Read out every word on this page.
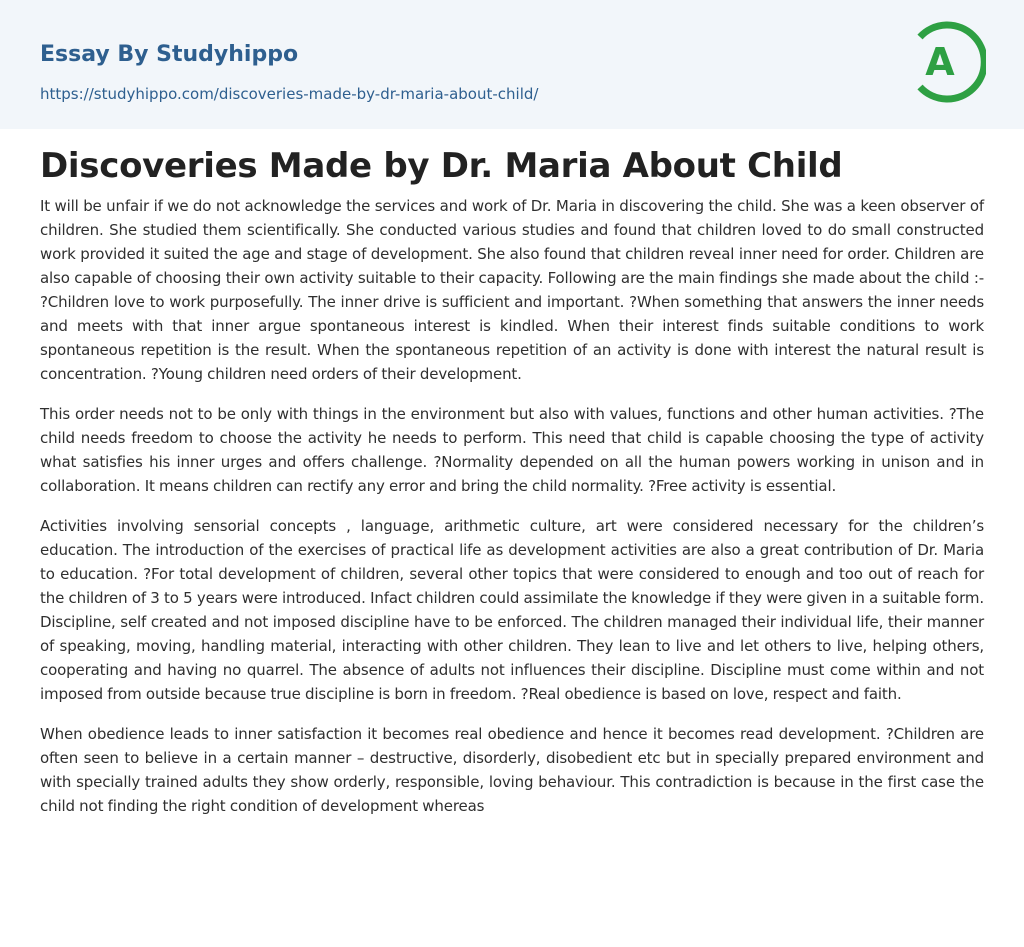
Essay By Studyhippo
https://studyhippo.com/discoveries-made-by-dr-maria-about-child/
A
Discoveries Made by Dr. Maria About Child

It will be unfair if we do not acknowledge the services and work of Dr. Maria in discovering the child. She was a keen observer of children. She studied them scientifically. She conducted various studies and found that children loved to do small constructed work provided it suited the age and stage of development. She also found that children reveal inner need for order. Children are also capable of choosing their own activity suitable to their capacity. Following are the main findings she made about the child :- ?Children love to work purposefully. The inner drive is sufficient and important. ?When something that answers the inner needs and meets with that inner argue spontaneous interest is kindled. When their interest finds suitable conditions to work spontaneous repetition is the result. When the spontaneous repetition of an activity is done with interest the natural result is concentration. ?Young children need orders of their development.

This order needs not to be only with things in the environment but also with values, functions and other human activities. ?The child needs freedom to choose the activity he needs to perform. This need that child is capable choosing the type of activity what satisfies his inner urges and offers challenge. ?Normality depended on all the human powers working in unison and in collaboration. It means children can rectify any error and bring the child normality. ?Free activity is essential.

Activities involving sensorial concepts , language, arithmetic culture, art were considered necessary for the children’s education. The introduction of the exercises of practical life as development activities are also a great contribution of Dr. Maria to education. ?For total development of children, several other topics that were considered to enough and too out of reach for the children of 3 to 5 years were introduced. Infact children could assimilate the knowledge if they were given in a suitable form. Discipline, self created and not imposed discipline have to be enforced. The children managed their individual life, their manner of speaking, moving, handling material, interacting with other children. They lean to live and let others to live, helping others, cooperating and having no quarrel. The absence of adults not influences their discipline. Discipline must come within and not imposed from outside because true discipline is born in freedom. ?Real obedience is based on love, respect and faith.

When obedience leads to inner satisfaction it becomes real obedience and hence it becomes read development. ?Children are often seen to believe in a certain manner – destructive, disorderly, disobedient etc but in specially prepared environment and with specially trained adults they show orderly, responsible, loving behaviour. This contradiction is because in the first case the child not finding the right condition of development whereas
